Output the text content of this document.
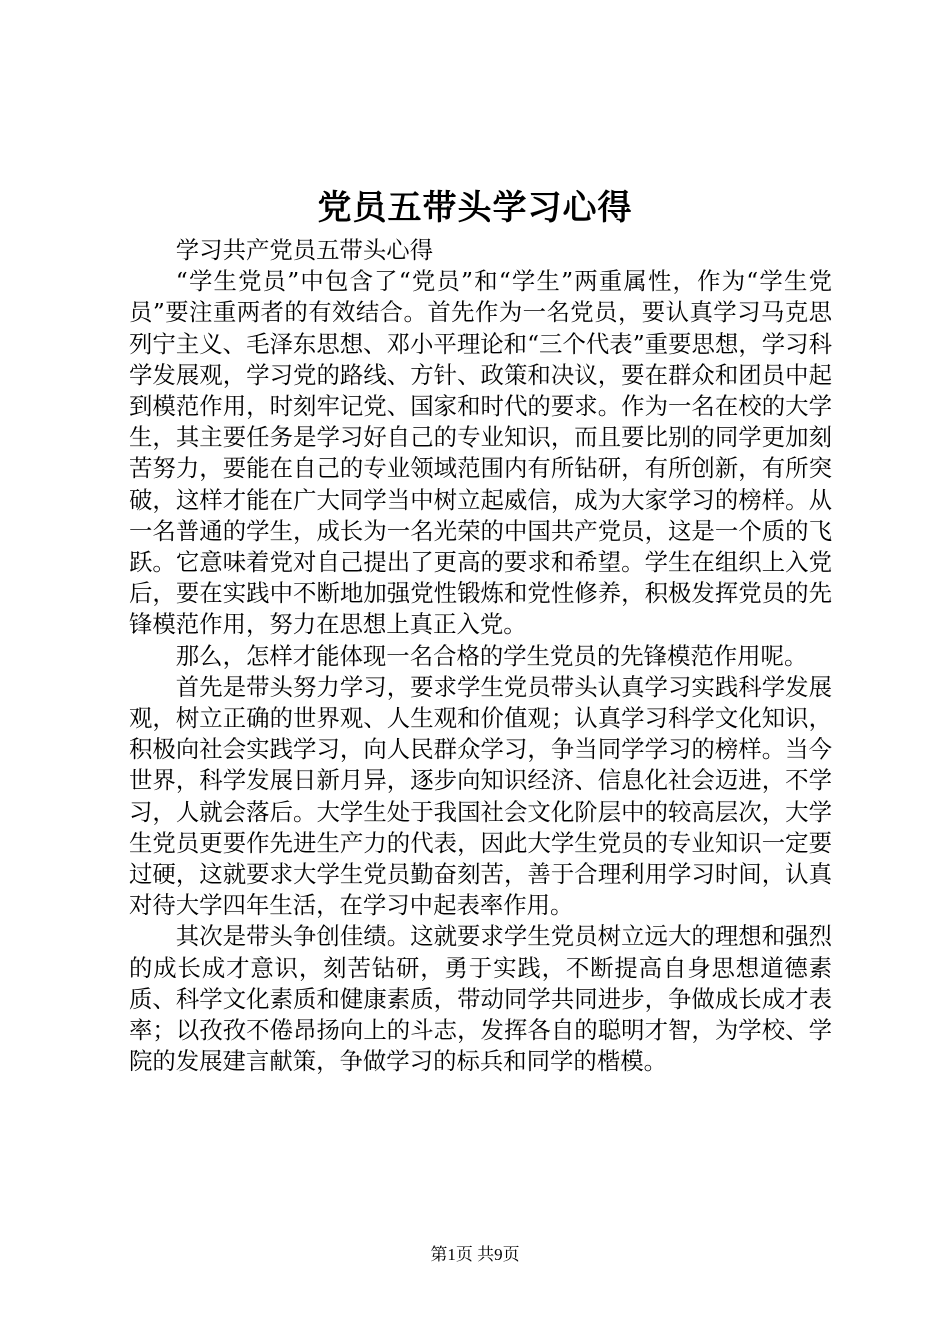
党员五带头学习心得

学习共产党员五带头心得

“学生党员”中包含了“党员”和“学生”两重属性，作为“学生党员”要注重两者的有效结合。首先作为一名党员，要认真学习马克思列宁主义、毛泽东思想、邓小平理论和“三个代表”重要思想，学习科学发展观，学习党的路线、方针、政策和决议，要在群众和团员中起到模范作用，时刻牢记党、国家和时代的要求。作为一名在校的大学生，其主要任务是学习好自己的专业知识，而且要比别的同学更加刻苦努力，要能在自己的专业领域范围内有所钻研，有所创新，有所突破，这样才能在广大同学当中树立起威信，成为大家学习的榜样。从一名普通的学生，成长为一名光荣的中国共产党员，这是一个质的飞跃。它意味着党对自己提出了更高的要求和希望。学生在组织上入党后，要在实践中不断地加强党性锻炼和党性修养，积极发挥党员的先锋模范作用，努力在思想上真正入党。

那么，怎样才能体现一名合格的学生党员的先锋模范作用呢。

首先是带头努力学习，要求学生党员带头认真学习实践科学发展观，树立正确的世界观、人生观和价值观；认真学习科学文化知识，积极向社会实践学习，向人民群众学习，争当同学学习的榜样。当今世界，科学发展日新月异，逐步向知识经济、信息化社会迈进，不学习，人就会落后。大学生处于我国社会文化阶层中的较高层次，大学生党员更要作先进生产力的代表，因此大学生党员的专业知识一定要过硬，这就要求大学生党员勤奋刻苦，善于合理利用学习时间，认真对待大学四年生活，在学习中起表率作用。

其次是带头争创佳绩。这就要求学生党员树立远大的理想和强烈的成长成才意识，刻苦钻研，勇于实践，不断提高自身思想道德素质、科学文化素质和健康素质，带动同学共同进步，争做成长成才表率；以孜孜不倦昂扬向上的斗志，发挥各自的聪明才智，为学校、学院的发展建言献策，争做学习的标兵和同学的楷模。

第1页 共9页
